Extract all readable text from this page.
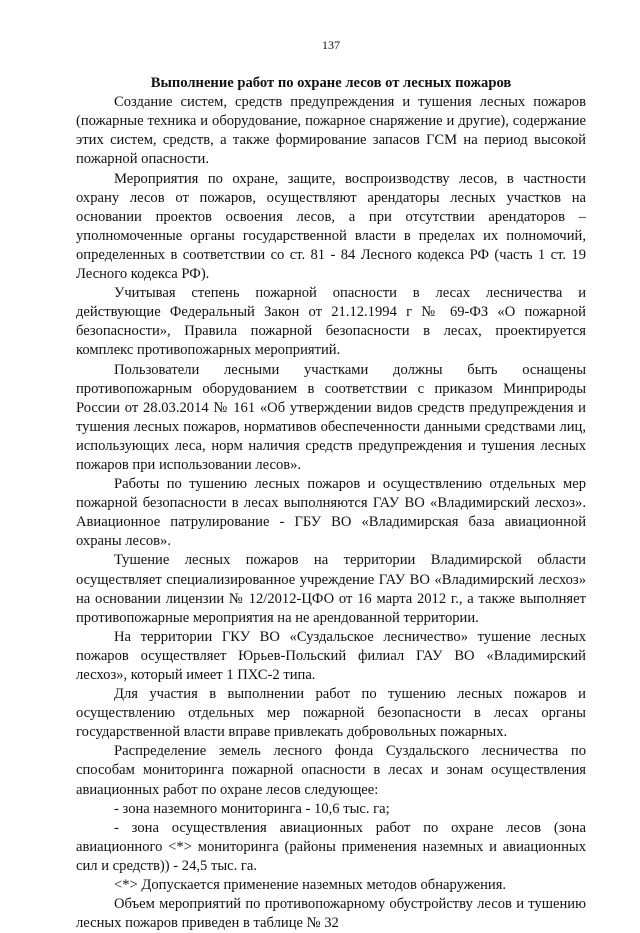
137
Выполнение работ по охране лесов от лесных пожаров

Создание систем, средств предупреждения и тушения лесных пожаров (пожарные техника и оборудование, пожарное снаряжение и другие), содержание этих систем, средств, а также формирование запасов ГСМ на период высокой пожарной опасности.

Мероприятия по охране, защите, воспроизводству лесов, в частности охрану лесов от пожаров, осуществляют арендаторы лесных участков на основании проектов освоения лесов, а при отсутствии арендаторов – уполномоченные органы государственной власти в пределах их полномочий, определенных в соответствии со ст. 81 - 84 Лесного кодекса РФ (часть 1 ст. 19 Лесного кодекса РФ).

Учитывая степень пожарной опасности в лесах лесничества и действующие Федеральный Закон от 21.12.1994 г № 69-ФЗ «О пожарной безопасности», Правила пожарной безопасности в лесах, проектируется комплекс противопожарных мероприятий.

Пользователи лесными участками должны быть оснащены противопожарным оборудованием в соответствии с приказом Минприроды России от 28.03.2014 № 161 «Об утверждении видов средств предупреждения и тушения лесных пожаров, нормативов обеспеченности данными средствами лиц, использующих леса, норм наличия средств предупреждения и тушения лесных пожаров при использовании лесов».

Работы по тушению лесных пожаров и осуществлению отдельных мер пожарной безопасности в лесах выполняются ГАУ ВО «Владимирский лесхоз». Авиационное патрулирование - ГБУ ВО «Владимирская база авиационной охраны лесов».

Тушение лесных пожаров на территории Владимирской области осуществляет специализированное учреждение ГАУ ВО «Владимирский лесхоз» на основании лицензии № 12/2012-ЦФО от 16 марта 2012 г., а также выполняет противопожарные мероприятия на не арендованной территории.

На территории ГКУ ВО «Суздальское лесничество» тушение лесных пожаров осуществляет Юрьев-Польский филиал ГАУ ВО «Владимирский лесхоз», который имеет 1 ПХС-2 типа.

Для участия в выполнении работ по тушению лесных пожаров и осуществлению отдельных мер пожарной безопасности в лесах органы государственной власти вправе привлекать добровольных пожарных.

Распределение земель лесного фонда Суздальского лесничества по способам мониторинга пожарной опасности в лесах и зонам осуществления авиационных работ по охране лесов следующее:

- зона наземного мониторинга - 10,6 тыс. га;

- зона осуществления авиационных работ по охране лесов (зона авиационного <*> мониторинга (районы применения наземных и авиационных сил и средств)) - 24,5 тыс. га.

<*> Допускается применение наземных методов обнаружения.

Объем мероприятий по противопожарному обустройству лесов и тушению лесных пожаров приведен в таблице № 32
